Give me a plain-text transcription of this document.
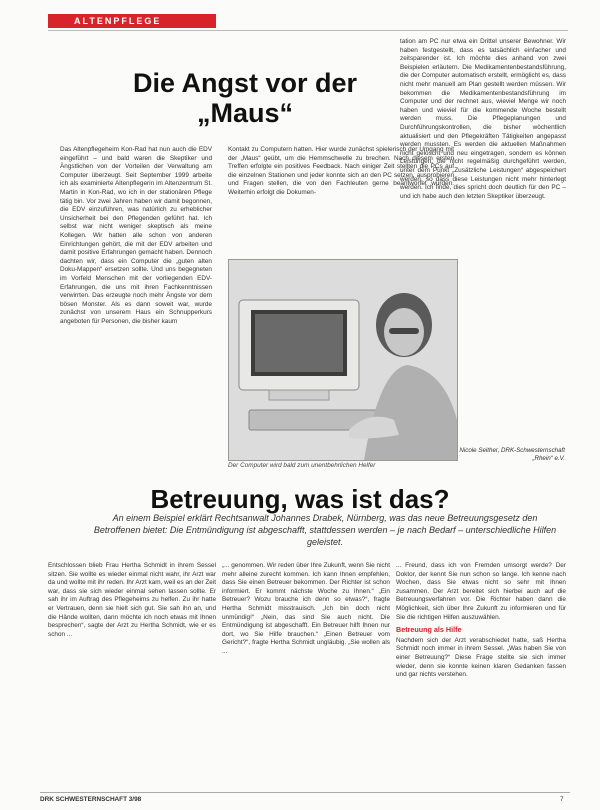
ALTENPFLEGE
Die Angst vor der „Maus“

Das Altenpflegeheim Kon-Rad hat nun auch die EDV eingeführt – und bald waren die Skeptiker und Ängstlichen von der Vorteilen der Verwaltung am Computer überzeugt. Seit September 1999 arbeite ich als examinierte Altenpflegerin im Altenzentrum St. Martin in Kon-Rad, wo ich in der stationären Pflege tätig bin. Vor zwei Jahren haben wir damit begonnen, die EDV einzuführen, was natürlich zu erheblicher Unsicherheit bei den Pflegenden geführt hat. Ich selbst war nicht weniger skeptisch als meine Kollegen. Wir hatten alle schon von anderen Einrichtungen gehört, die mit der EDV arbeiten und damit positive Erfahrungen gemacht haben. Dennoch dachten wir, dass ein Computer die „guten alten Doku-Mappen“ ersetzen sollte. Und uns begegneten im Vorfeld Menschen mit der vorliegenden EDV-Erfahrungen, die uns mit ihren Fachkenntnissen verwirrten. Das erzeugte noch mehr Ängste vor dem bösen Monster. Als es dann soweit war, wurde zunächst von unserem Haus ein Schnupperkurs angeboten für Personen, die bisher kaum

Kontakt zu Computern hatten. Hier wurde zunächst spielerisch der Umgang mit der „Maus“ geübt, um die Hemmschwelle zu brechen. Nach diesem ersten Treffen erfolgte ein positives Feedback. Nach einiger Zeit stellten die PCs auf die einzelnen Stationen und jeder konnte sich an den PC setzen, ausprobieren und Fragen stellen, die von den Fachleuten gerne beantwortet wurden. Weiterhin erfolgt die Dokumen-

tation am PC nur etwa ein Drittel unserer Bewohner. Wir haben festgestellt, dass es tatsächlich einfacher und zeitsparender ist. Ich möchte dies anhand von zwei Beispielen erläutern. Die Medikamentenbestandsführung, die der Computer automatisch erstellt, ermöglicht es, dass nicht mehr manuell am Plan gestellt werden müssen. Wir bekommen die Medikamentenbestandsführung im Computer und der rechnet aus, wieviel Menge wir noch haben und wieviel für die kommende Woche bestellt werden muss. Die Pflegeplanungen und Durchführungskontrollen, die bisher wöchentlich aktualisiert und den Pflegekräften Tätigkeiten angepasst werden mussten. Es werden die aktuellen Maßnahmen nicht gelöscht und neu eingetragen, sondern es können Leistungen, die nicht regelmäßig durchgeführt werden, unter dem Punkt „Zusätzliche Leistungen“ abgespeichert werden, so dass diese Leistungen nicht mehr hinterlegt werden. Ich finde, dies spricht doch deutlich für den PC – und ich habe auch den letzten Skeptiker überzeugt.

Der Computer wird bald zum unentbehrlichen Helfer
Nicole Seither, DRK-Schwesternschaft „Rhein“ e.V.
Betreuung, was ist das?
An einem Beispiel erklärt Rechtsanwalt Johannes Drabek, Nürnberg, was das neue Betreuungsgesetz den Betroffenen bietet: Die Entmündigung ist abgeschafft, stattdessen werden – je nach Bedarf – unterschiedliche Hilfen geleistet.

Entschlossen blieb Frau Hertha Schmidt in ihrem Sessel sitzen. Sie wollte es wieder einmal nicht wahr, ihr Arzt war da und wollte mit ihr reden. Ihr Arzt kam, weil es an der Zeit war, dass sie sich wieder einmal sehen lassen sollte. Er sah ihr im Auftrag des Pflegeheims zu helfen. Zu ihr hatte er Vertrauen, denn sie hielt sich gut. Sie sah ihn an, und die Hände wollten, dann möchte ich noch etwas mit Ihnen besprechen“, sagte der Arzt zu Hertha Schmidt, wie er es schon ...

„... genommen. Wir reden über Ihre Zukunft, wenn Sie nicht mehr alleine zurecht kommen. Ich kann Ihnen empfehlen, dass Sie einen Betreuer bekommen. Der Richter ist schon informiert. Er kommt nächste Woche zu Ihnen.“ „Ein Betreuer? Wozu brauche ich denn so etwas?“, fragte Hertha Schmidt misstrauisch. „Ich bin doch nicht unmündig!“ „Nein, das sind Sie auch nicht. Die Entmündigung ist abgeschafft. Ein Betreuer hilft Ihnen nur dort, wo Sie Hilfe brauchen.“ „Einen Betreuer vom Gericht?“, fragte Hertha Schmidt ungläubig. „Sie wollen als ...

... Freund, dass ich von Fremden umsorgt werde? Der Doktor, der kennt Sie nun schon so lange. Ich kenne nach Wochen, dass Sie etwas nicht so sehr mit Ihnen zusammen. Der Arzt bereitet sich hierbei auch auf die Betreuungsverfahren vor. Die Richter haben dann die Möglichkeit, sich über Ihre Zukunft zu informieren und für Sie die richtigen Hilfen auszuwählen.

Betreuung als Hilfe

Nachdem sich der Arzt verabschiedet hatte, saß Hertha Schmidt noch immer in ihrem Sessel. „Was haben Sie von einer Betreuung?“ Diese Frage stellte sie sich immer wieder, denn sie konnte keinen klaren Gedanken fassen und gar nichts verstehen.

DRK SCHWESTERNSCHAFT 3/98	7
